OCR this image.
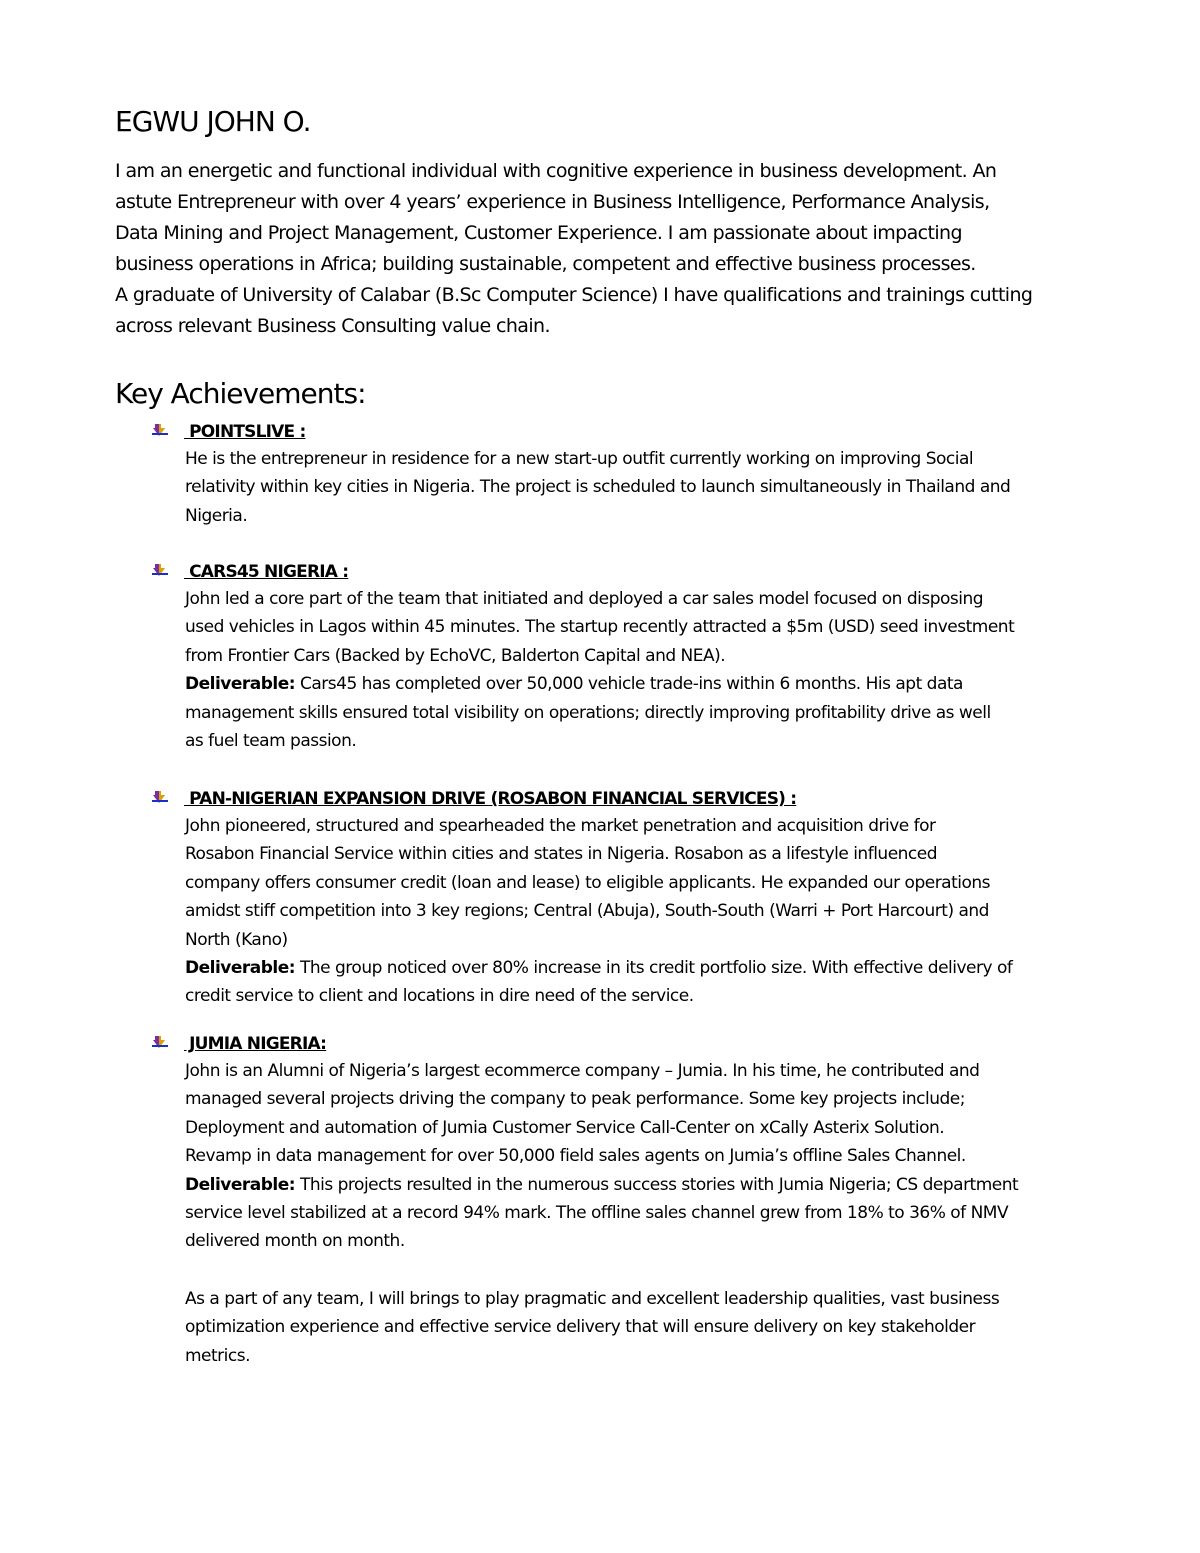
EGWU JOHN O.

I am an energetic and functional individual with cognitive experience in business development. An

astute Entrepreneur with over 4 years’ experience in Business Intelligence, Performance Analysis,

Data Mining and Project Management, Customer Experience. I am passionate about impacting

business operations in Africa; building sustainable, competent and effective business processes.

A graduate of University of Calabar (B.Sc Computer Science) I have qualifications and trainings cutting

across relevant Business Consulting value chain.

Key Achievements:
POINTSLIVE :
He is the entrepreneur in residence for a new start-up outfit currently working on improving Social
relativity within key cities in Nigeria. The project is scheduled to launch simultaneously in Thailand and
Nigeria.
CARS45 NIGERIA :
John led a core part of the team that initiated and deployed a car sales model focused on disposing
used vehicles in Lagos within 45 minutes. The startup recently attracted a $5m (USD) seed investment
from Frontier Cars (Backed by EchoVC, Balderton Capital and NEA).
Deliverable: Cars45 has completed over 50,000 vehicle trade-ins within 6 months. His apt data
management skills ensured total visibility on operations; directly improving profitability drive as well
as fuel team passion.
PAN-NIGERIAN EXPANSION DRIVE (ROSABON FINANCIAL SERVICES) :
John pioneered, structured and spearheaded the market penetration and acquisition drive for
Rosabon Financial Service within cities and states in Nigeria. Rosabon as a lifestyle influenced
company offers consumer credit (loan and lease) to eligible applicants. He expanded our operations
amidst stiff competition into 3 key regions; Central (Abuja), South-South (Warri + Port Harcourt) and
North (Kano)
Deliverable: The group noticed over 80% increase in its credit portfolio size. With effective delivery of
credit service to client and locations in dire need of the service.
JUMIA NIGERIA:
John is an Alumni of Nigeria’s largest ecommerce company – Jumia. In his time, he contributed and
managed several projects driving the company to peak performance. Some key projects include;
Deployment and automation of Jumia Customer Service Call-Center on xCally Asterix Solution.
Revamp in data management for over 50,000 field sales agents on Jumia’s offline Sales Channel.
Deliverable: This projects resulted in the numerous success stories with Jumia Nigeria; CS department
service level stabilized at a record 94% mark. The offline sales channel grew from 18% to 36% of NMV
delivered month on month.
As a part of any team, I will brings to play pragmatic and excellent leadership qualities, vast business
optimization experience and effective service delivery that will ensure delivery on key stakeholder
metrics.
